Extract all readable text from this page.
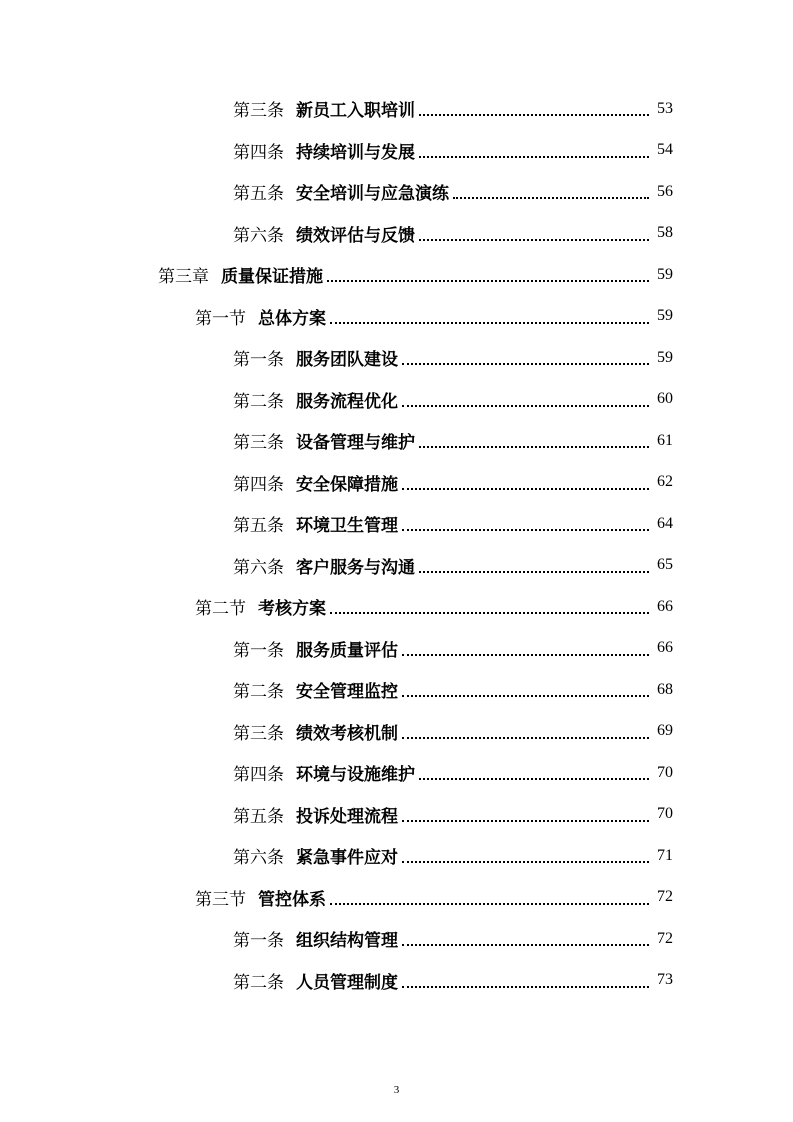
第三条 新员工入职培训	53
第四条 持续培训与发展	54
第五条 安全培训与应急演练	56
第六条 绩效评估与反馈	58
第三章 质量保证措施	59
第一节 总体方案	59
第一条 服务团队建设	59
第二条 服务流程优化	60
第三条 设备管理与维护	61
第四条 安全保障措施	62
第五条 环境卫生管理	64
第六条 客户服务与沟通	65
第二节 考核方案	66
第一条 服务质量评估	66
第二条 安全管理监控	68
第三条 绩效考核机制	69
第四条 环境与设施维护	70
第五条 投诉处理流程	70
第六条 紧急事件应对	71
第三节 管控体系	72
第一条 组织结构管理	72
第二条 人员管理制度	73
3
